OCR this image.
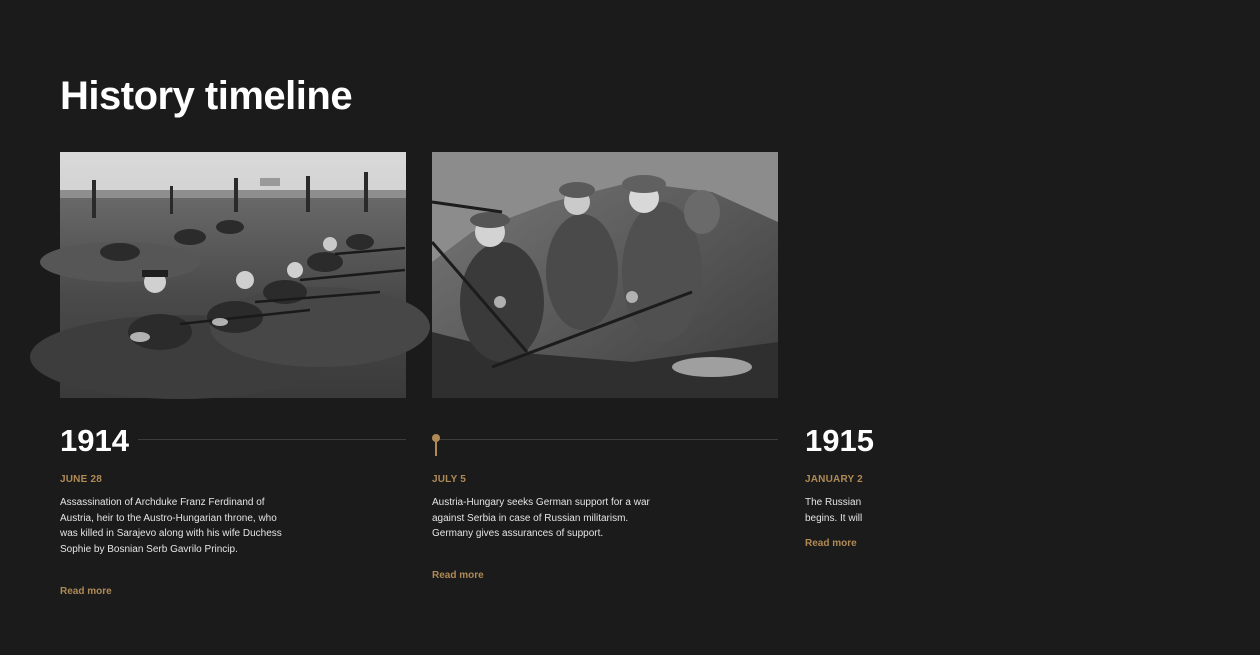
History timeline
1914
JUNE 28

Assassination of Archduke Franz Ferdinand of Austria, heir to the Austro-Hungarian throne, who was killed in Sarajevo along with his wife Duchess Sophie by Bosnian Serb Gavrilo Princip.

Read more
JULY 5

Austria-Hungary seeks German support for a war against Serbia in case of Russian militarism. Germany gives assurances of support.

Read more
1915
JANUARY 2

The Russian begins. It will

Read more
